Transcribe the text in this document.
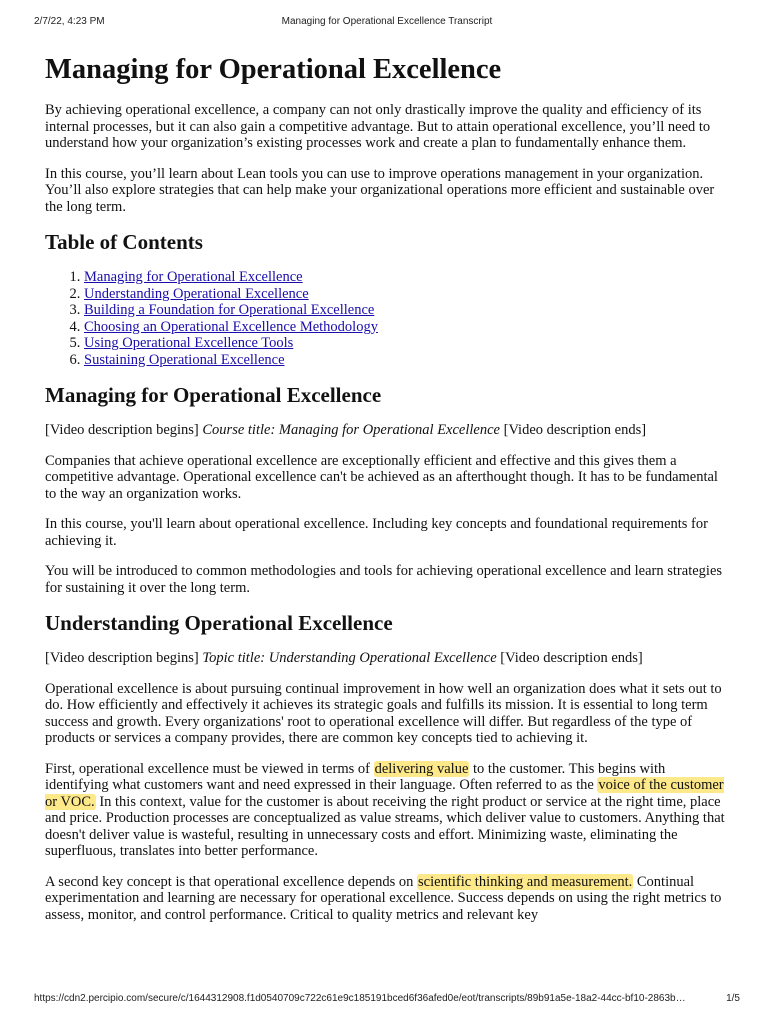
2/7/22, 4:23 PM	Managing for Operational Excellence Transcript
Managing for Operational Excellence

By achieving operational excellence, a company can not only drastically improve the quality and efficiency of its internal processes, but it can also gain a competitive advantage. But to attain operational excellence, you’ll need to understand how your organization’s existing processes work and create a plan to fundamentally enhance them.

In this course, you’ll learn about Lean tools you can use to improve operations management in your organization. You’ll also explore strategies that can help make your organizational operations more efficient and sustainable over the long term.

Table of Contents
1. Managing for Operational Excellence
2. Understanding Operational Excellence
3. Building a Foundation for Operational Excellence
4. Choosing an Operational Excellence Methodology
5. Using Operational Excellence Tools
6. Sustaining Operational Excellence
Managing for Operational Excellence

[Video description begins] Course title: Managing for Operational Excellence [Video description ends]

Companies that achieve operational excellence are exceptionally efficient and effective and this gives them a competitive advantage. Operational excellence can't be achieved as an afterthought though. It has to be fundamental to the way an organization works.

In this course, you'll learn about operational excellence. Including key concepts and foundational requirements for achieving it.

You will be introduced to common methodologies and tools for achieving operational excellence and learn strategies for sustaining it over the long term.

Understanding Operational Excellence

[Video description begins] Topic title: Understanding Operational Excellence [Video description ends]

Operational excellence is about pursuing continual improvement in how well an organization does what it sets out to do. How efficiently and effectively it achieves its strategic goals and fulfills its mission. It is essential to long term success and growth. Every organizations' root to operational excellence will differ. But regardless of the type of products or services a company provides, there are common key concepts tied to achieving it.

First, operational excellence must be viewed in terms of delivering value to the customer. This begins with identifying what customers want and need expressed in their language. Often referred to as the voice of the customer or VOC. In this context, value for the customer is about receiving the right product or service at the right time, place and price. Production processes are conceptualized as value streams, which deliver value to customers. Anything that doesn't deliver value is wasteful, resulting in unnecessary costs and effort. Minimizing waste, eliminating the superfluous, translates into better performance.

A second key concept is that operational excellence depends on scientific thinking and measurement. Continual experimentation and learning are necessary for operational excellence. Success depends on using the right metrics to assess, monitor, and control performance. Critical to quality metrics and relevant key

https://cdn2.percipio.com/secure/c/1644312908.f1d0540709c722c61e9c185191bced6f36afed0e/eot/transcripts/89b91a5e-18a2-44cc-bf10-2863b…	1/5
